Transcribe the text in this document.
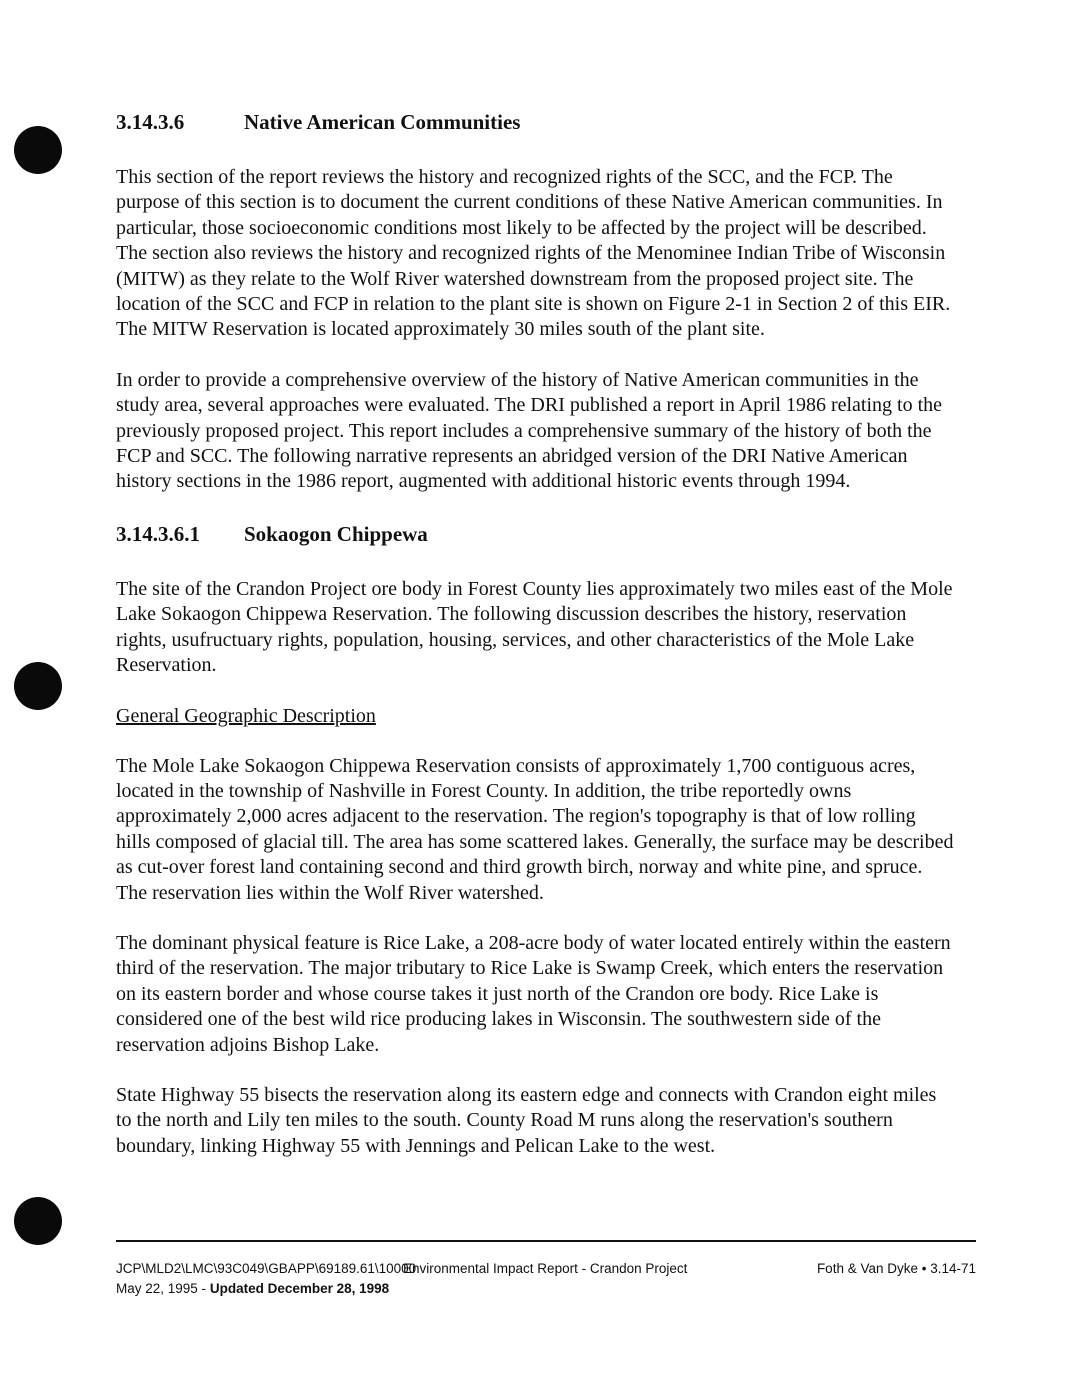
3.14.3.6	Native American Communities

This section of the report reviews the history and recognized rights of the SCC, and the FCP. The purpose of this section is to document the current conditions of these Native American communities. In particular, those socioeconomic conditions most likely to be affected by the project will be described. The section also reviews the history and recognized rights of the Menominee Indian Tribe of Wisconsin (MITW) as they relate to the Wolf River watershed downstream from the proposed project site. The location of the SCC and FCP in relation to the plant site is shown on Figure 2-1 in Section 2 of this EIR. The MITW Reservation is located approximately 30 miles south of the plant site.

In order to provide a comprehensive overview of the history of Native American communities in the study area, several approaches were evaluated. The DRI published a report in April 1986 relating to the previously proposed project. This report includes a comprehensive summary of the history of both the FCP and SCC. The following narrative represents an abridged version of the DRI Native American history sections in the 1986 report, augmented with additional historic events through 1994.

3.14.3.6.1	Sokaogon Chippewa

The site of the Crandon Project ore body in Forest County lies approximately two miles east of the Mole Lake Sokaogon Chippewa Reservation. The following discussion describes the history, reservation rights, usufructuary rights, population, housing, services, and other characteristics of the Mole Lake Reservation.

General Geographic Description

The Mole Lake Sokaogon Chippewa Reservation consists of approximately 1,700 contiguous acres, located in the township of Nashville in Forest County. In addition, the tribe reportedly owns approximately 2,000 acres adjacent to the reservation. The region's topography is that of low rolling hills composed of glacial till. The area has some scattered lakes. Generally, the surface may be described as cut-over forest land containing second and third growth birch, norway and white pine, and spruce. The reservation lies within the Wolf River watershed.

The dominant physical feature is Rice Lake, a 208-acre body of water located entirely within the eastern third of the reservation. The major tributary to Rice Lake is Swamp Creek, which enters the reservation on its eastern border and whose course takes it just north of the Crandon ore body. Rice Lake is considered one of the best wild rice producing lakes in Wisconsin. The southwestern side of the reservation adjoins Bishop Lake.

State Highway 55 bisects the reservation along its eastern edge and connects with Crandon eight miles to the north and Lily ten miles to the south. County Road M runs along the reservation's southern boundary, linking Highway 55 with Jennings and Pelican Lake to the west.

JCP\MLD2\LMC\93C049\GBAPP\69189.61\10000
Environmental Impact Report - Crandon Project	Foth & Van Dyke • 3.14-71
May 22, 1995 -
Updated December 28, 1998
